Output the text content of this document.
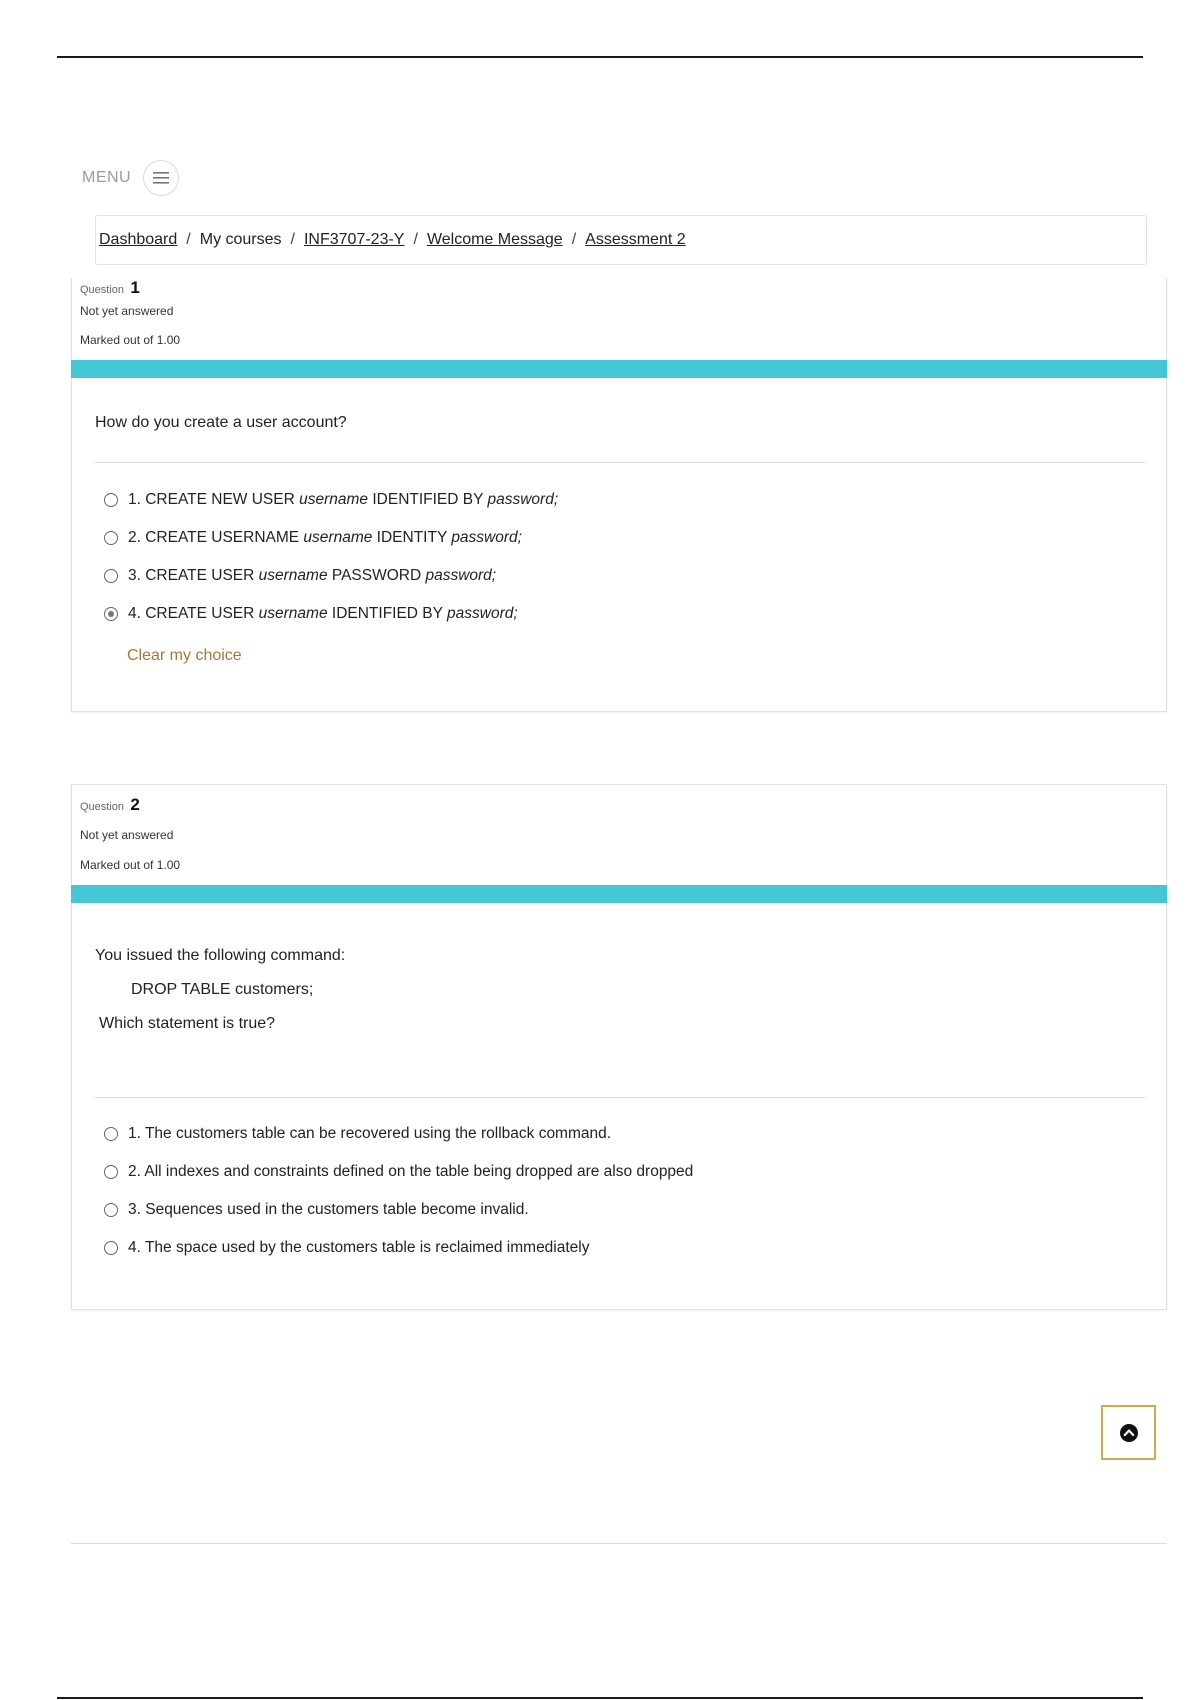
MENU
Dashboard / My courses / INF3707-23-Y / Welcome Message / Assessment 2
Question 1
Not yet answered
Marked out of 1.00
How do you create a user account?
1. CREATE NEW USER username IDENTIFIED BY password;
2. CREATE USERNAME username IDENTITY password;
3. CREATE USER username PASSWORD password;
4. CREATE USER username IDENTIFIED BY password;
Clear my choice
Question 2
Not yet answered
Marked out of 1.00
You issued the following command:
DROP TABLE customers;
Which statement is true?
1. The customers table can be recovered using the rollback command.
2. All indexes and constraints defined on the table being dropped are also dropped
3. Sequences used in the customers table become invalid.
4. The space used by the customers table is reclaimed immediately
